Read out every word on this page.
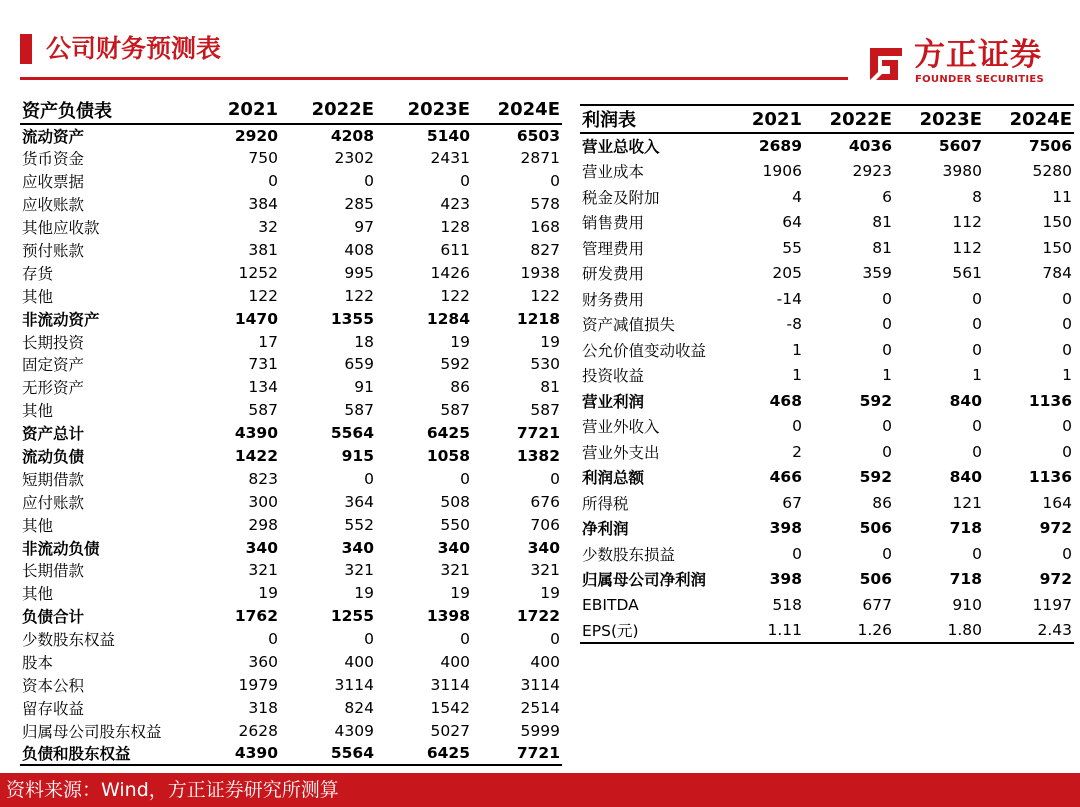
公司财务预测表	方正证券
FOUNDER SECURITIES
资产负债表	2021	2022E	2023E	2024E
流动资产	2920	4208	5140	6503
货币资金	750	2302	2431	2871
应收票据	0	0	0	0
应收账款	384	285	423	578
其他应收款	32	97	128	168
预付账款	381	408	611	827
存货	1252	995	1426	1938
其他	122	122	122	122
非流动资产	1470	1355	1284	1218
长期投资	17	18	19	19
固定资产	731	659	592	530
无形资产	134	91	86	81
其他	587	587	587	587
资产总计	4390	5564	6425	7721
流动负债	1422	915	1058	1382
短期借款	823	0	0	0
应付账款	300	364	508	676
其他	298	552	550	706
非流动负债	340	340	340	340
长期借款	321	321	321	321
其他	19	19	19	19
负债合计	1762	1255	1398	1722
少数股东权益	0	0	0	0
股本	360	400	400	400
资本公积	1979	3114	3114	3114
留存收益	318	824	1542	2514
归属母公司股东权益	2628	4309	5027	5999
负债和股东权益	4390	5564	6425	7721
利润表	2021	2022E	2023E	2024E
营业总收入	2689	4036	5607	7506
营业成本	1906	2923	3980	5280
税金及附加	4	6	8	11
销售费用	64	81	112	150
管理费用	55	81	112	150
研发费用	205	359	561	784
财务费用	-14	0	0	0
资产减值损失	-8	0	0	0
公允价值变动收益	1	0	0	0
投资收益	1	1	1	1
营业利润	468	592	840	1136
营业外收入	0	0	0	0
营业外支出	2	0	0	0
利润总额	466	592	840	1136
所得税	67	86	121	164
净利润	398	506	718	972
少数股东损益	0	0	0	0
归属母公司净利润	398	506	718	972
EBITDA	518	677	910	1197
EPS(元)	1.11	1.26	1.80	2.43
资料来源：Wind，方正证券研究所测算
